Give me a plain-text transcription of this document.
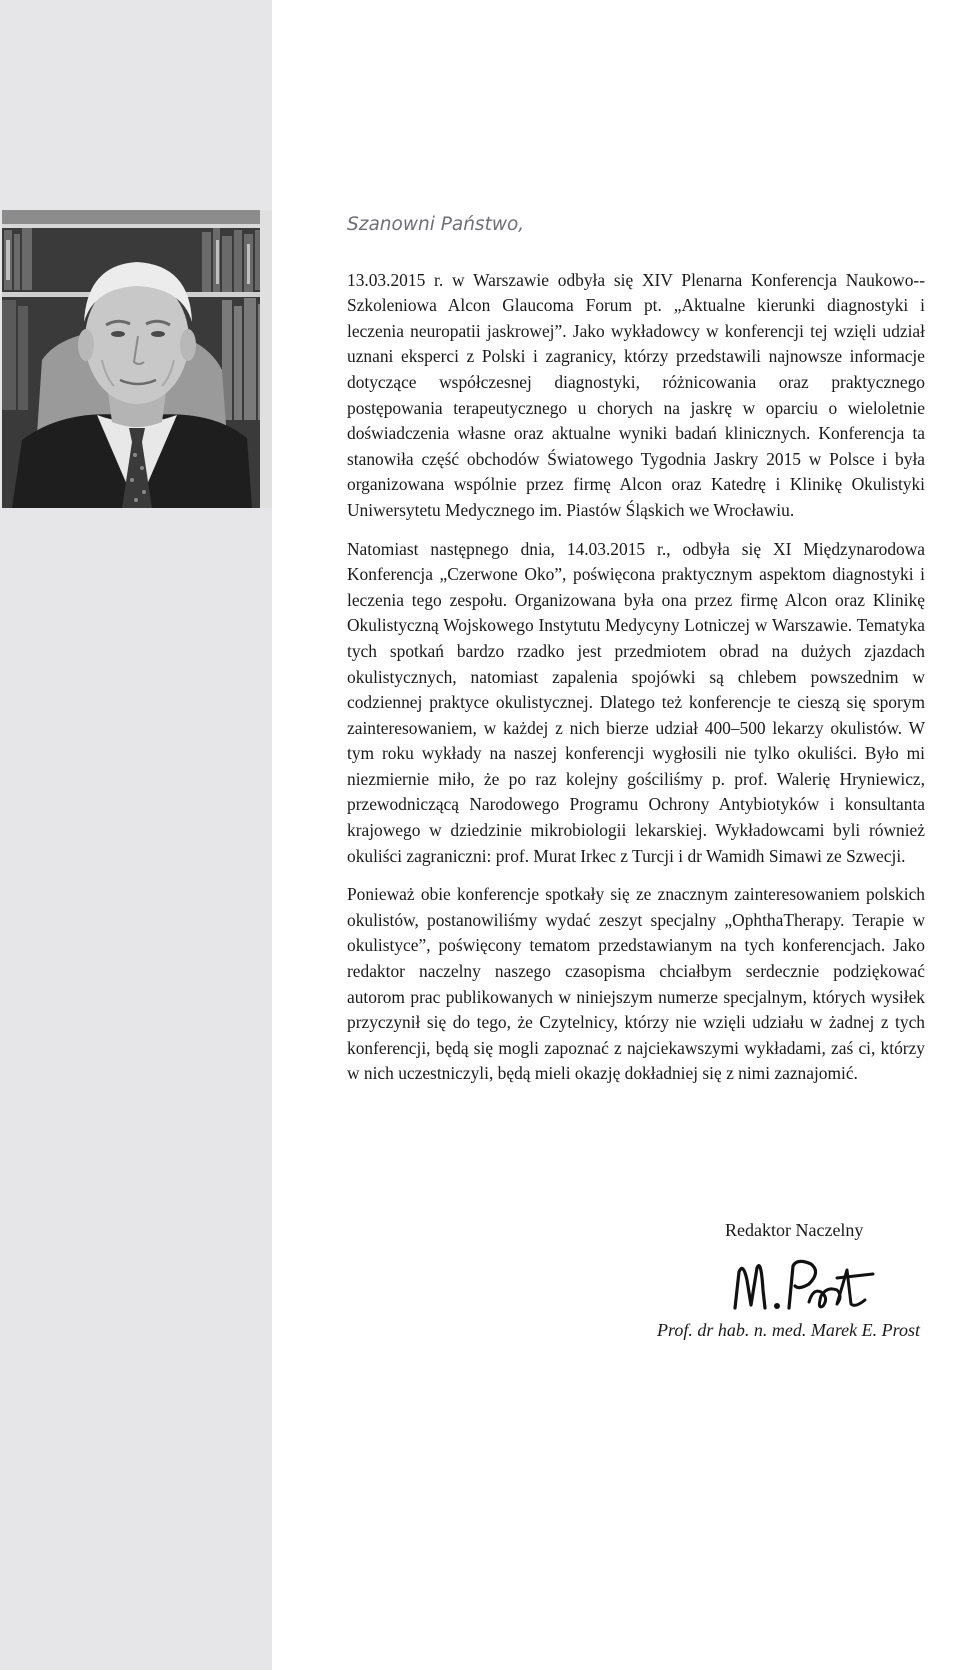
Szanowni Państwo,

13.03.2015 r. w Warszawie odbyła się XIV Plenarna Konferencja Naukowo--Szkoleniowa Alcon Glaucoma Forum pt. „Aktualne kierunki diagnostyki i leczenia neuropatii jaskrowej”. Jako wykładowcy w konferencji tej wzięli udział uznani eksperci z Polski i zagranicy, którzy przedstawili najnowsze informacje dotyczące współczesnej diagnostyki, różnicowania oraz praktycznego postępowania terapeutycznego u chorych na jaskrę w oparciu o wieloletnie doświadczenia własne oraz aktualne wyniki badań klinicznych. Konferencja ta stanowiła część obchodów Światowego Tygodnia Jaskry 2015 w Polsce i była organizowana wspólnie przez firmę Alcon oraz Katedrę i Klinikę Okulistyki Uniwersytetu Medycznego im. Piastów Śląskich we Wrocławiu.

Natomiast następnego dnia, 14.03.2015 r., odbyła się XI Międzynarodowa Konferencja „Czerwone Oko”, poświęcona praktycznym aspektom diagnostyki i leczenia tego zespołu. Organizowana była ona przez firmę Alcon oraz Klinikę Okulistyczną Wojskowego Instytutu Medycyny Lotniczej w Warszawie. Tematyka tych spotkań bardzo rzadko jest przedmiotem obrad na dużych zjazdach okulistycznych, natomiast zapalenia spojówki są chlebem powszednim w codziennej praktyce okulistycznej. Dlatego też konferencje te cieszą się sporym zainteresowaniem, w każdej z nich bierze udział 400–500 lekarzy okulistów. W tym roku wykłady na naszej konferencji wygłosili nie tylko okuliści. Było mi niezmiernie miło, że po raz kolejny gościliśmy p. prof. Walerię Hryniewicz, przewodniczącą Narodowego Programu Ochrony Antybiotyków i konsultanta krajowego w dziedzinie mikrobiologii lekarskiej. Wykładowcami byli również okuliści zagraniczni: prof. Murat Irkec z Turcji i dr Wamidh Simawi ze Szwecji.

Ponieważ obie konferencje spotkały się ze znacznym zainteresowaniem polskich okulistów, postanowiliśmy wydać zeszyt specjalny „OphthaTherapy. Terapie w okulistyce”, poświęcony tematom przedstawianym na tych konferencjach. Jako redaktor naczelny naszego czasopisma chciałbym serdecznie podziękować autorom prac publikowanych w niniejszym numerze specjalnym, których wysiłek przyczynił się do tego, że Czytelnicy, którzy nie wzięli udziału w żadnej z tych konferencji, będą się mogli zapoznać z najciekawszymi wykładami, zaś ci, którzy w nich uczestniczyli, będą mieli okazję dokładniej się z nimi zaznajomić.

Redaktor Naczelny
Prof. dr hab. n. med. Marek E. Prost
